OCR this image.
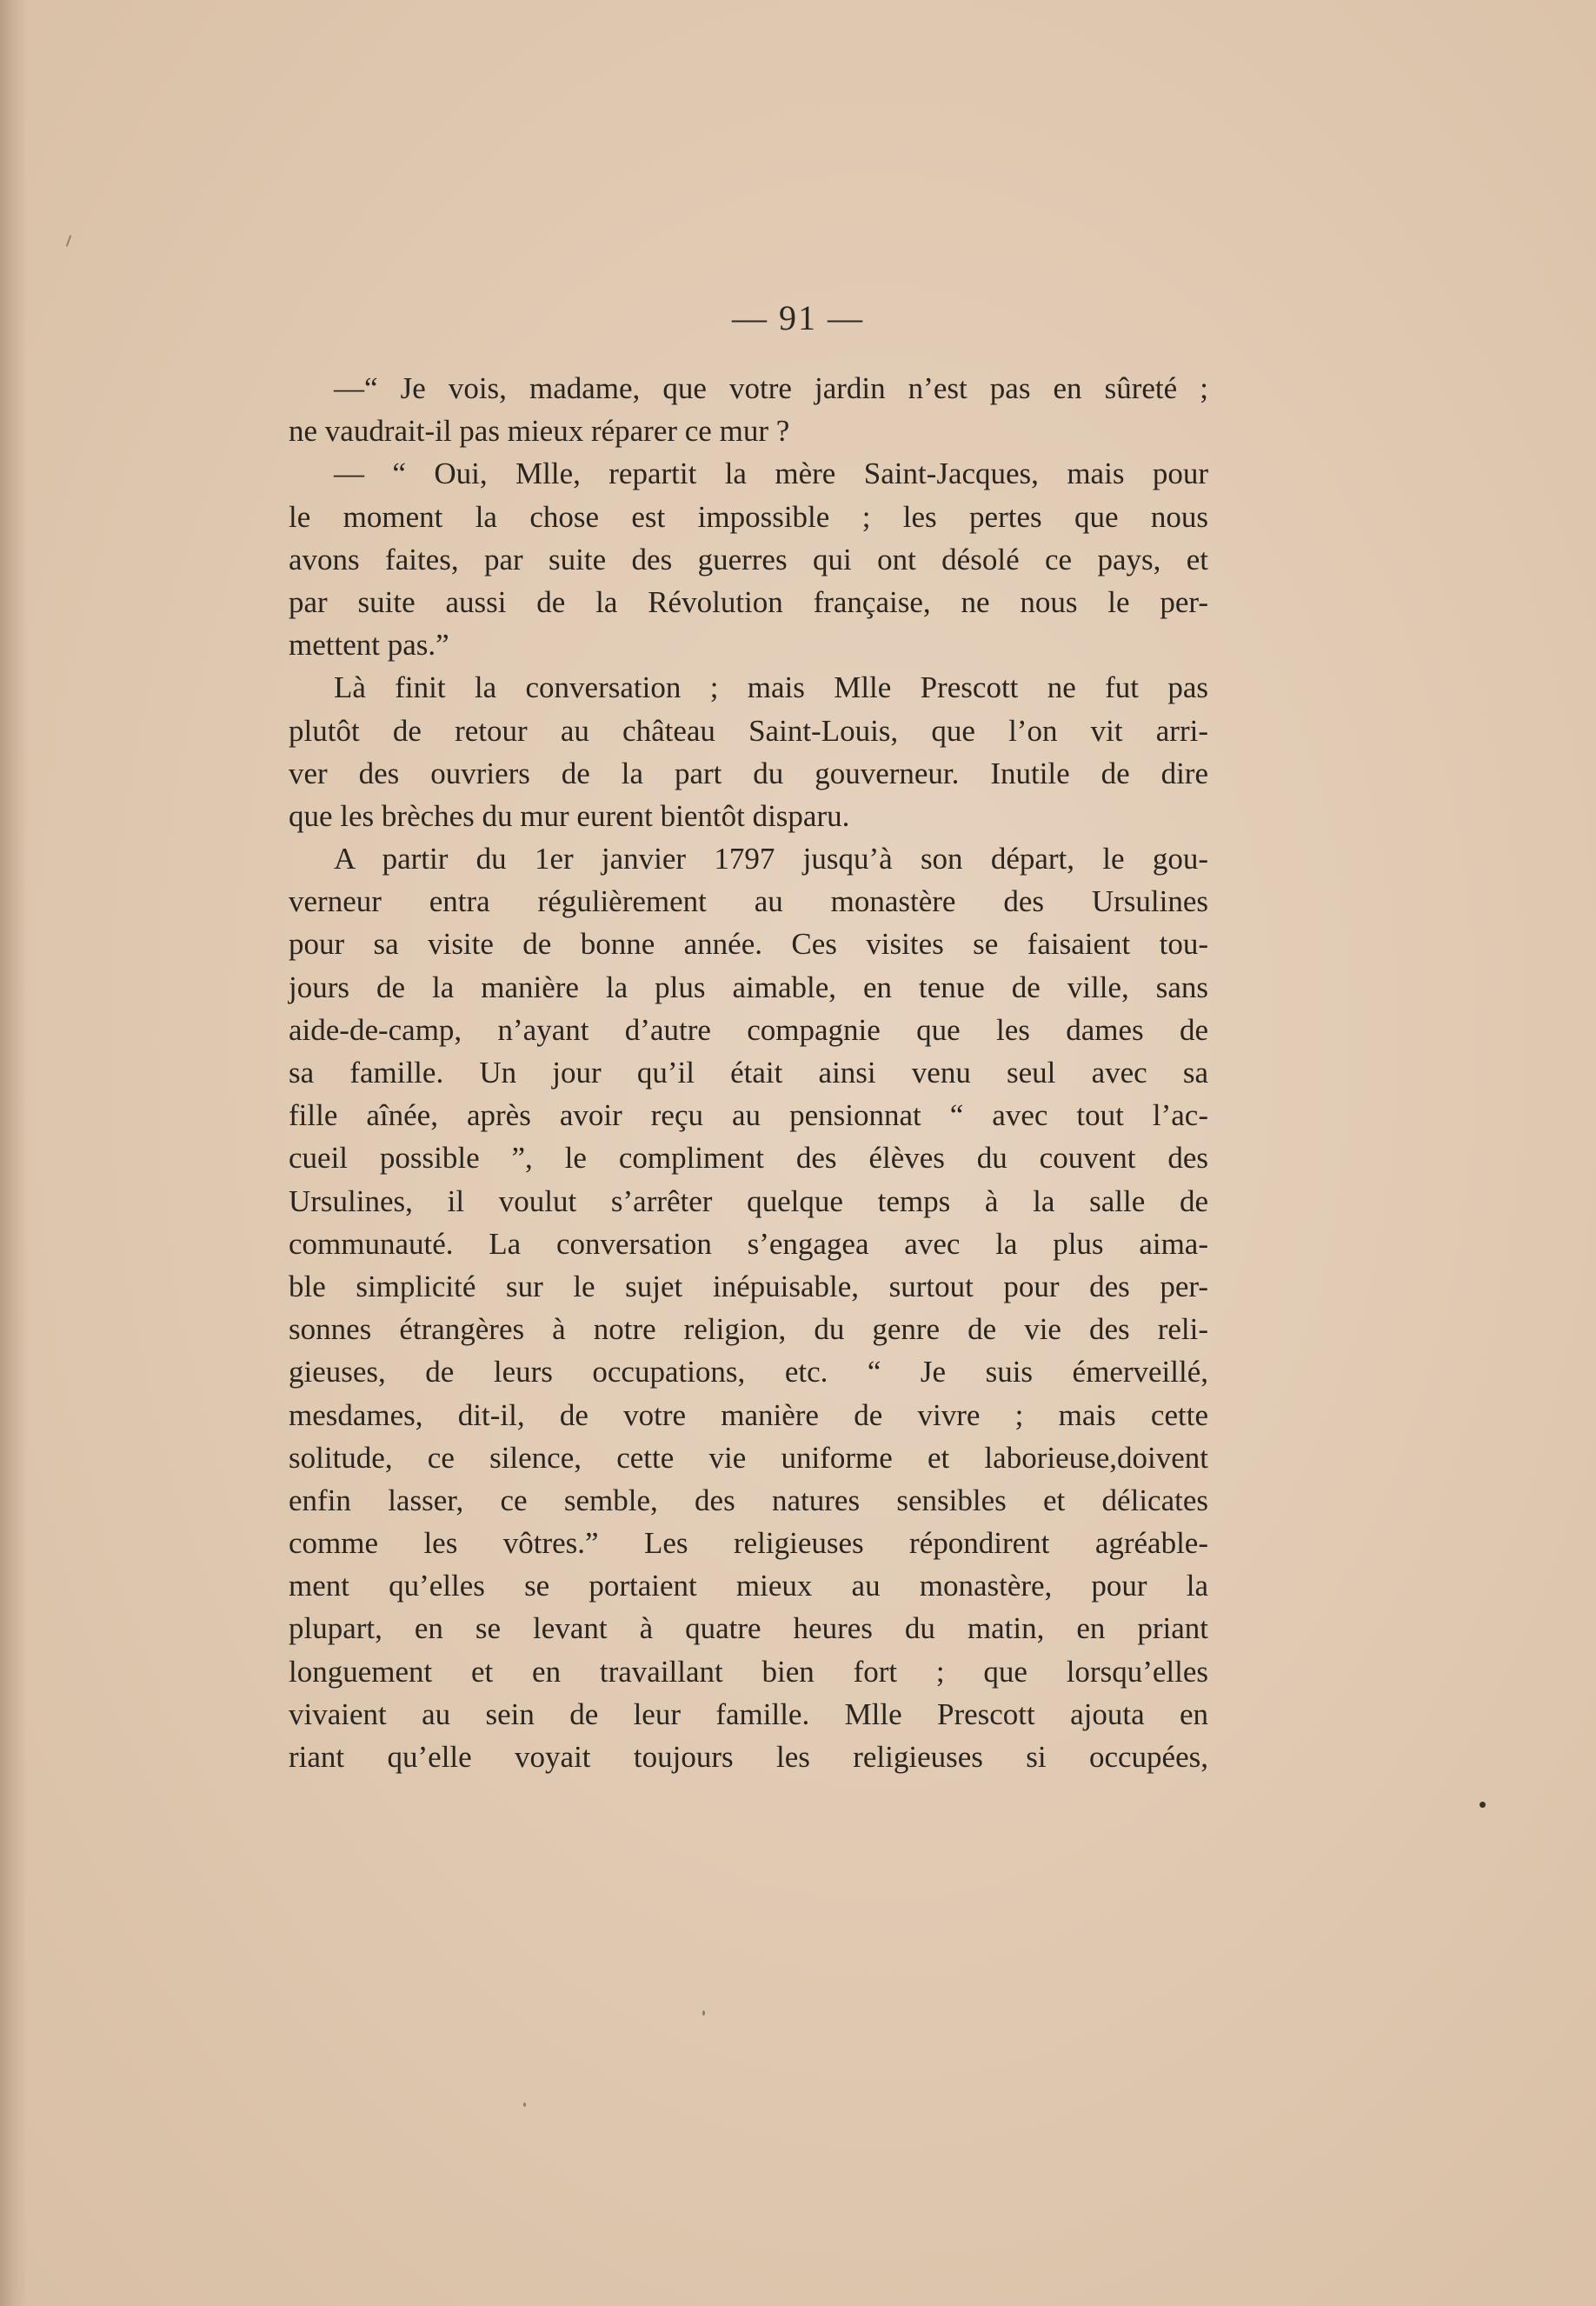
— 91 —
—“ Je vois, madame, que votre jardin n’est pas en sûreté ;
ne vaudrait-il pas mieux réparer ce mur ?
— “ Oui, Mlle, repartit la mère Saint-Jacques, mais pour
le moment la chose est impossible ; les pertes que nous
avons faites, par suite des guerres qui ont désolé ce pays, et
par suite aussi de la Révolution française, ne nous le per-
mettent pas.”
Là finit la conversation ; mais Mlle Prescott ne fut pas
plutôt de retour au château Saint-Louis, que l’on vit arri-
ver des ouvriers de la part du gouverneur. Inutile de dire
que les brèches du mur eurent bientôt disparu.
A partir du 1er janvier 1797 jusqu’à son départ, le gou-
verneur entra régulièrement au monastère des Ursulines
pour sa visite de bonne année. Ces visites se faisaient tou-
jours de la manière la plus aimable, en tenue de ville, sans
aide-de-camp, n’ayant d’autre compagnie que les dames de
sa famille. Un jour qu’il était ainsi venu seul avec sa
fille aînée, après avoir reçu au pensionnat “ avec tout l’ac-
cueil possible ”, le compliment des élèves du couvent des
Ursulines, il voulut s’arrêter quelque temps à la salle de
communauté. La conversation s’engagea avec la plus aima-
ble simplicité sur le sujet inépuisable, surtout pour des per-
sonnes étrangères à notre religion, du genre de vie des reli-
gieuses, de leurs occupations, etc. “ Je suis émerveillé,
mesdames, dit-il, de votre manière de vivre ; mais cette
solitude, ce silence, cette vie uniforme et laborieuse,doivent
enfin lasser, ce semble, des natures sensibles et délicates
comme les vôtres.” Les religieuses répondirent agréable-
ment qu’elles se portaient mieux au monastère, pour la
plupart, en se levant à quatre heures du matin, en priant
longuement et en travaillant bien fort ; que lorsqu’elles
vivaient au sein de leur famille. Mlle Prescott ajouta en
riant qu’elle voyait toujours les religieuses si occupées,
